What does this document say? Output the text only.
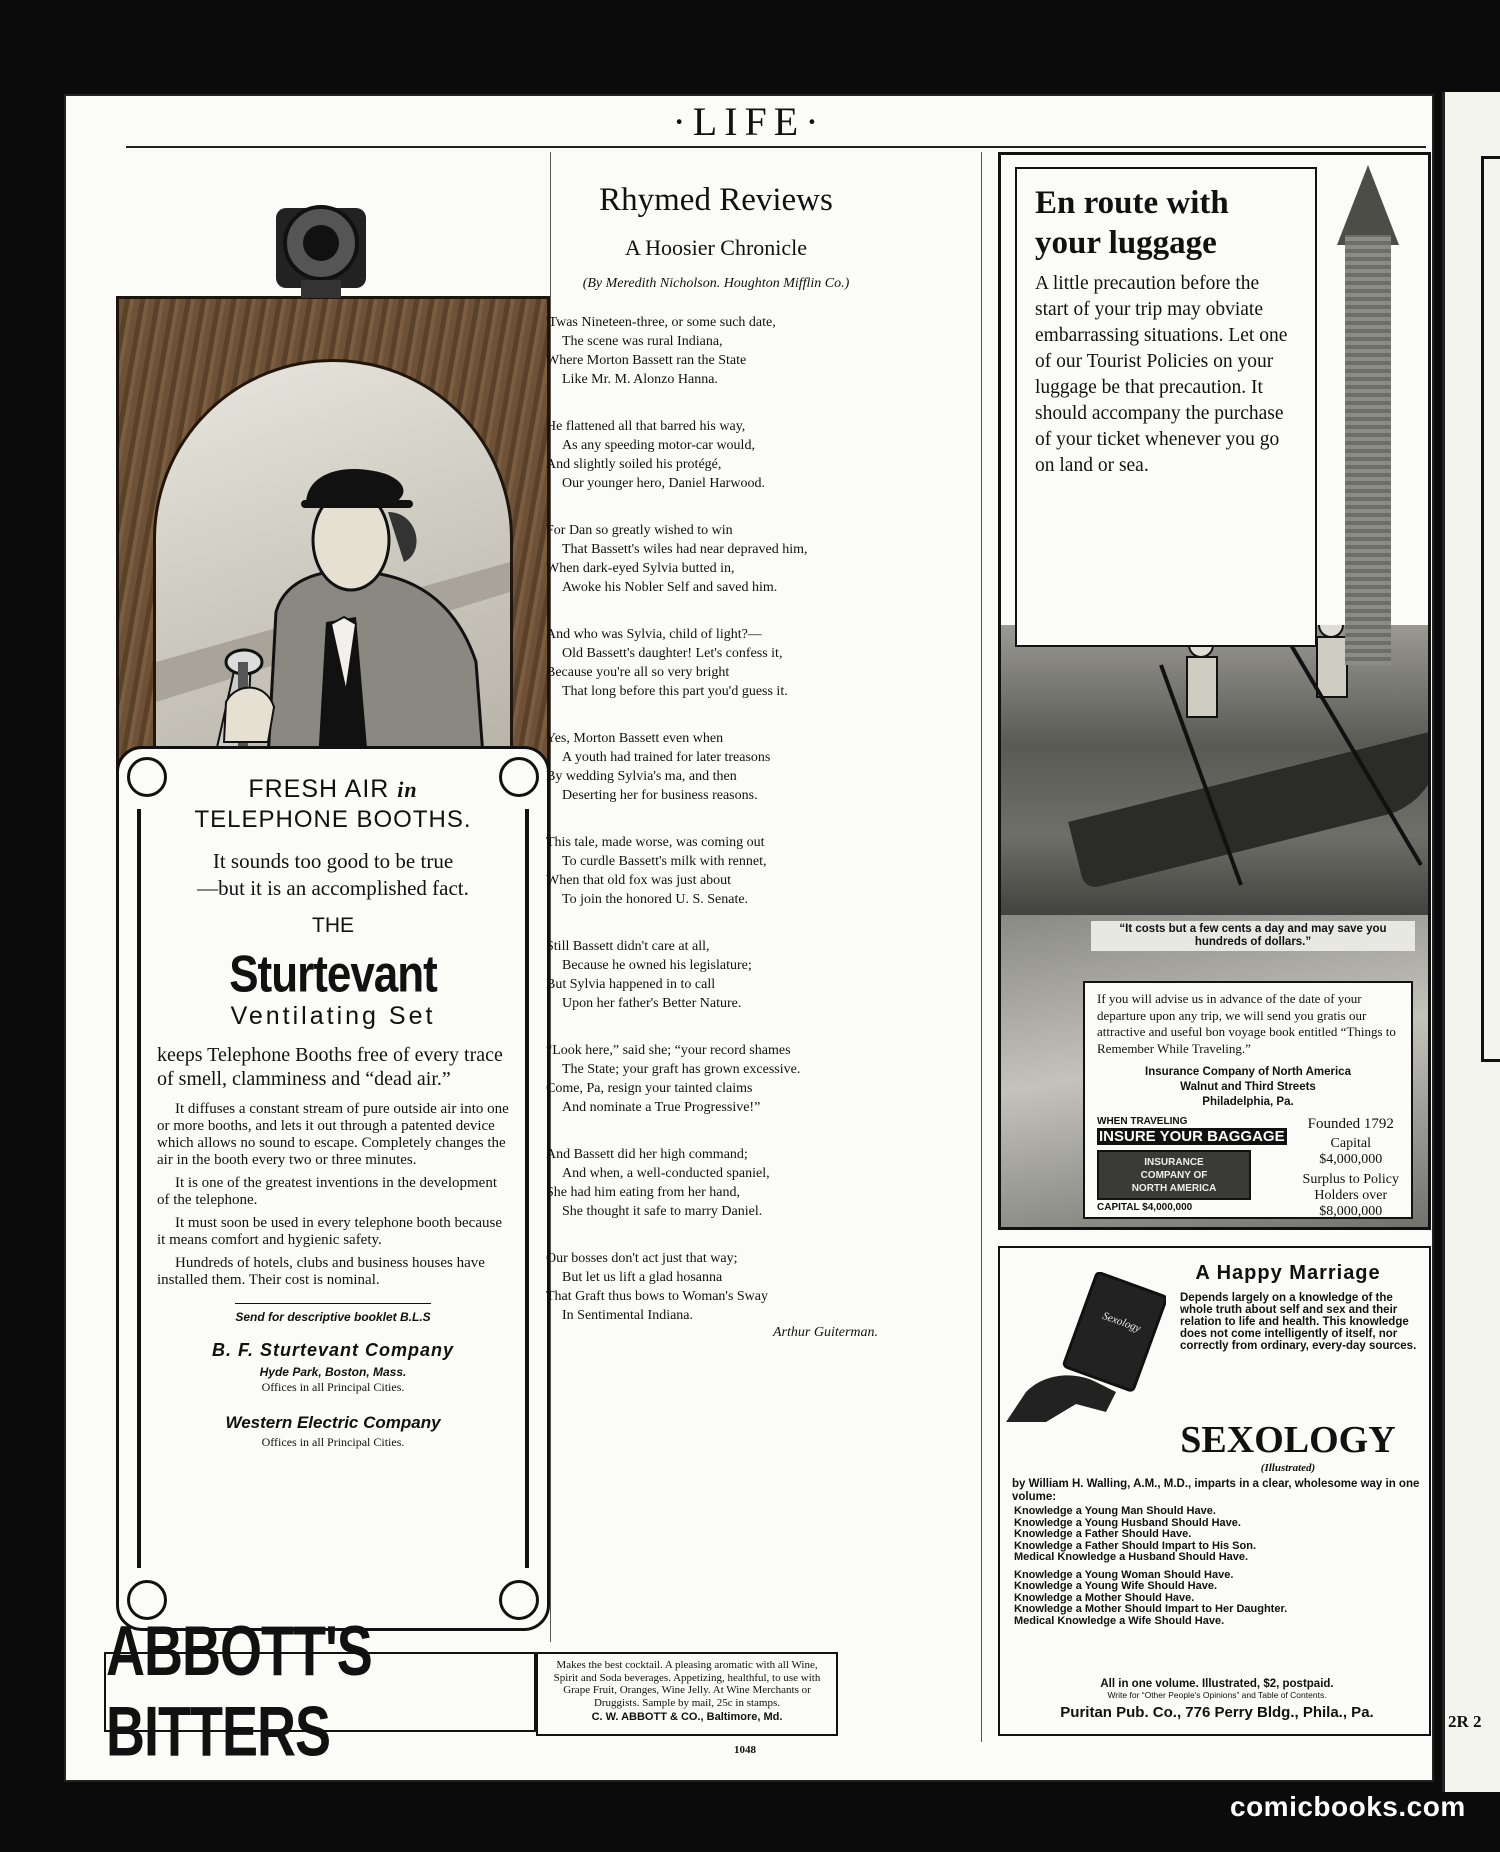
2R 2
·LIFE·
FRESH AIR in
TELEPHONE BOOTHS.
It sounds too good to be true
—but it is an accomplished fact.
THE
Sturtevant
Ventilating Set
keeps Telephone Booths free of every trace of smell, clamminess and “dead air.”

It diffuses a constant stream of pure outside air into one or more booths, and lets it out through a patented device which allows no sound to escape. Completely changes the air in the booth every two or three minutes.

It is one of the greatest inventions in the development of the telephone.

It must soon be used in every telephone booth because it means comfort and hygienic safety.

Hundreds of hotels, clubs and business houses have installed them. Their cost is nominal.

Send for descriptive booklet B.L.S
B. F. Sturtevant Company
Hyde Park, Boston, Mass.
Offices in all Principal Cities.
Western Electric Company
Offices in all Principal Cities.
Rhymed Reviews
A Hoosier Chronicle
(By Meredith Nicholson. Houghton Mifflin Co.)
'Twas Nineteen-three, or some such date,
The scene was rural Indiana,
Where Morton Bassett ran the State
Like Mr. M. Alonzo Hanna.
He flattened all that barred his way,
As any speeding motor-car would,
And slightly soiled his protégé,
Our younger hero, Daniel Harwood.
For Dan so greatly wished to win
That Bassett's wiles had near depraved him,
When dark-eyed Sylvia butted in,
Awoke his Nobler Self and saved him.
And who was Sylvia, child of light?—
Old Bassett's daughter! Let's confess it,
Because you're all so very bright
That long before this part you'd guess it.
Yes, Morton Bassett even when
A youth had trained for later treasons
By wedding Sylvia's ma, and then
Deserting her for business reasons.
This tale, made worse, was coming out
To curdle Bassett's milk with rennet,
When that old fox was just about
To join the honored U. S. Senate.
Still Bassett didn't care at all,
Because he owned his legislature;
But Sylvia happened in to call
Upon her father's Better Nature.
“Look here,” said she; “your record shames
The State; your graft has grown excessive.
Come, Pa, resign your tainted claims
And nominate a True Progressive!”
And Bassett did her high command;
And when, a well-conducted spaniel,
She had him eating from her hand,
She thought it safe to marry Daniel.
Our bosses don't act just that way;
But let us lift a glad hosanna
That Graft thus bows to Woman's Sway
In Sentimental Indiana.
Arthur Guiterman.
ABBOTT'S BITTERS
Makes the best cocktail. A pleasing aromatic with all Wine, Spirit and Soda beverages. Appetizing, healthful, to use with Grape Fruit, Oranges, Wine Jelly. At Wine Merchants or Druggists. Sample by mail, 25c in stamps.
C. W. ABBOTT & CO., Baltimore, Md.
1048
En route with your luggage
A little precaution before the start of your trip may obviate embarrassing situations. Let one of our Tourist Policies on your luggage be that precaution. It should accompany the purchase of your ticket whenever you go on land or sea.
“It costs but a few cents a day and may save you hundreds of dollars.”
If you will advise us in advance of the date of your departure upon any trip, we will send you gratis our attractive and useful bon voyage book entitled “Things to Remember While Traveling.”
Insurance Company of North America
Walnut and Third Streets
Philadelphia, Pa.
WHEN TRAVELING
INSURE YOUR BAGGAGE
INSURANCE
COMPANY OF
NORTH AMERICA
CAPITAL $4,000,000
Founded 1792
Capital
$4,000,000
Surplus to Policy
Holders over
$8,000,000
Sexology
A Happy Marriage
Depends largely on a knowledge of the whole truth about self and sex and their relation to life and health. This knowledge does not come intelligently of itself, nor correctly from ordinary, every-day sources.
SEXOLOGY
(Illustrated)
by William H. Walling, A.M., M.D., imparts in a clear, wholesome way in one volume:
Knowledge a Young Man Should Have.
Knowledge a Young Husband Should Have.
Knowledge a Father Should Have.
Knowledge a Father Should Impart to His Son.
Medical Knowledge a Husband Should Have.
Knowledge a Young Woman Should Have.
Knowledge a Young Wife Should Have.
Knowledge a Mother Should Have.
Knowledge a Mother Should Impart to Her Daughter.
Medical Knowledge a Wife Should Have.
All in one volume. Illustrated, $2, postpaid.
Write for “Other People's Opinions” and Table of Contents.
Puritan Pub. Co., 776 Perry Bldg., Phila., Pa.
comicbooks.com
